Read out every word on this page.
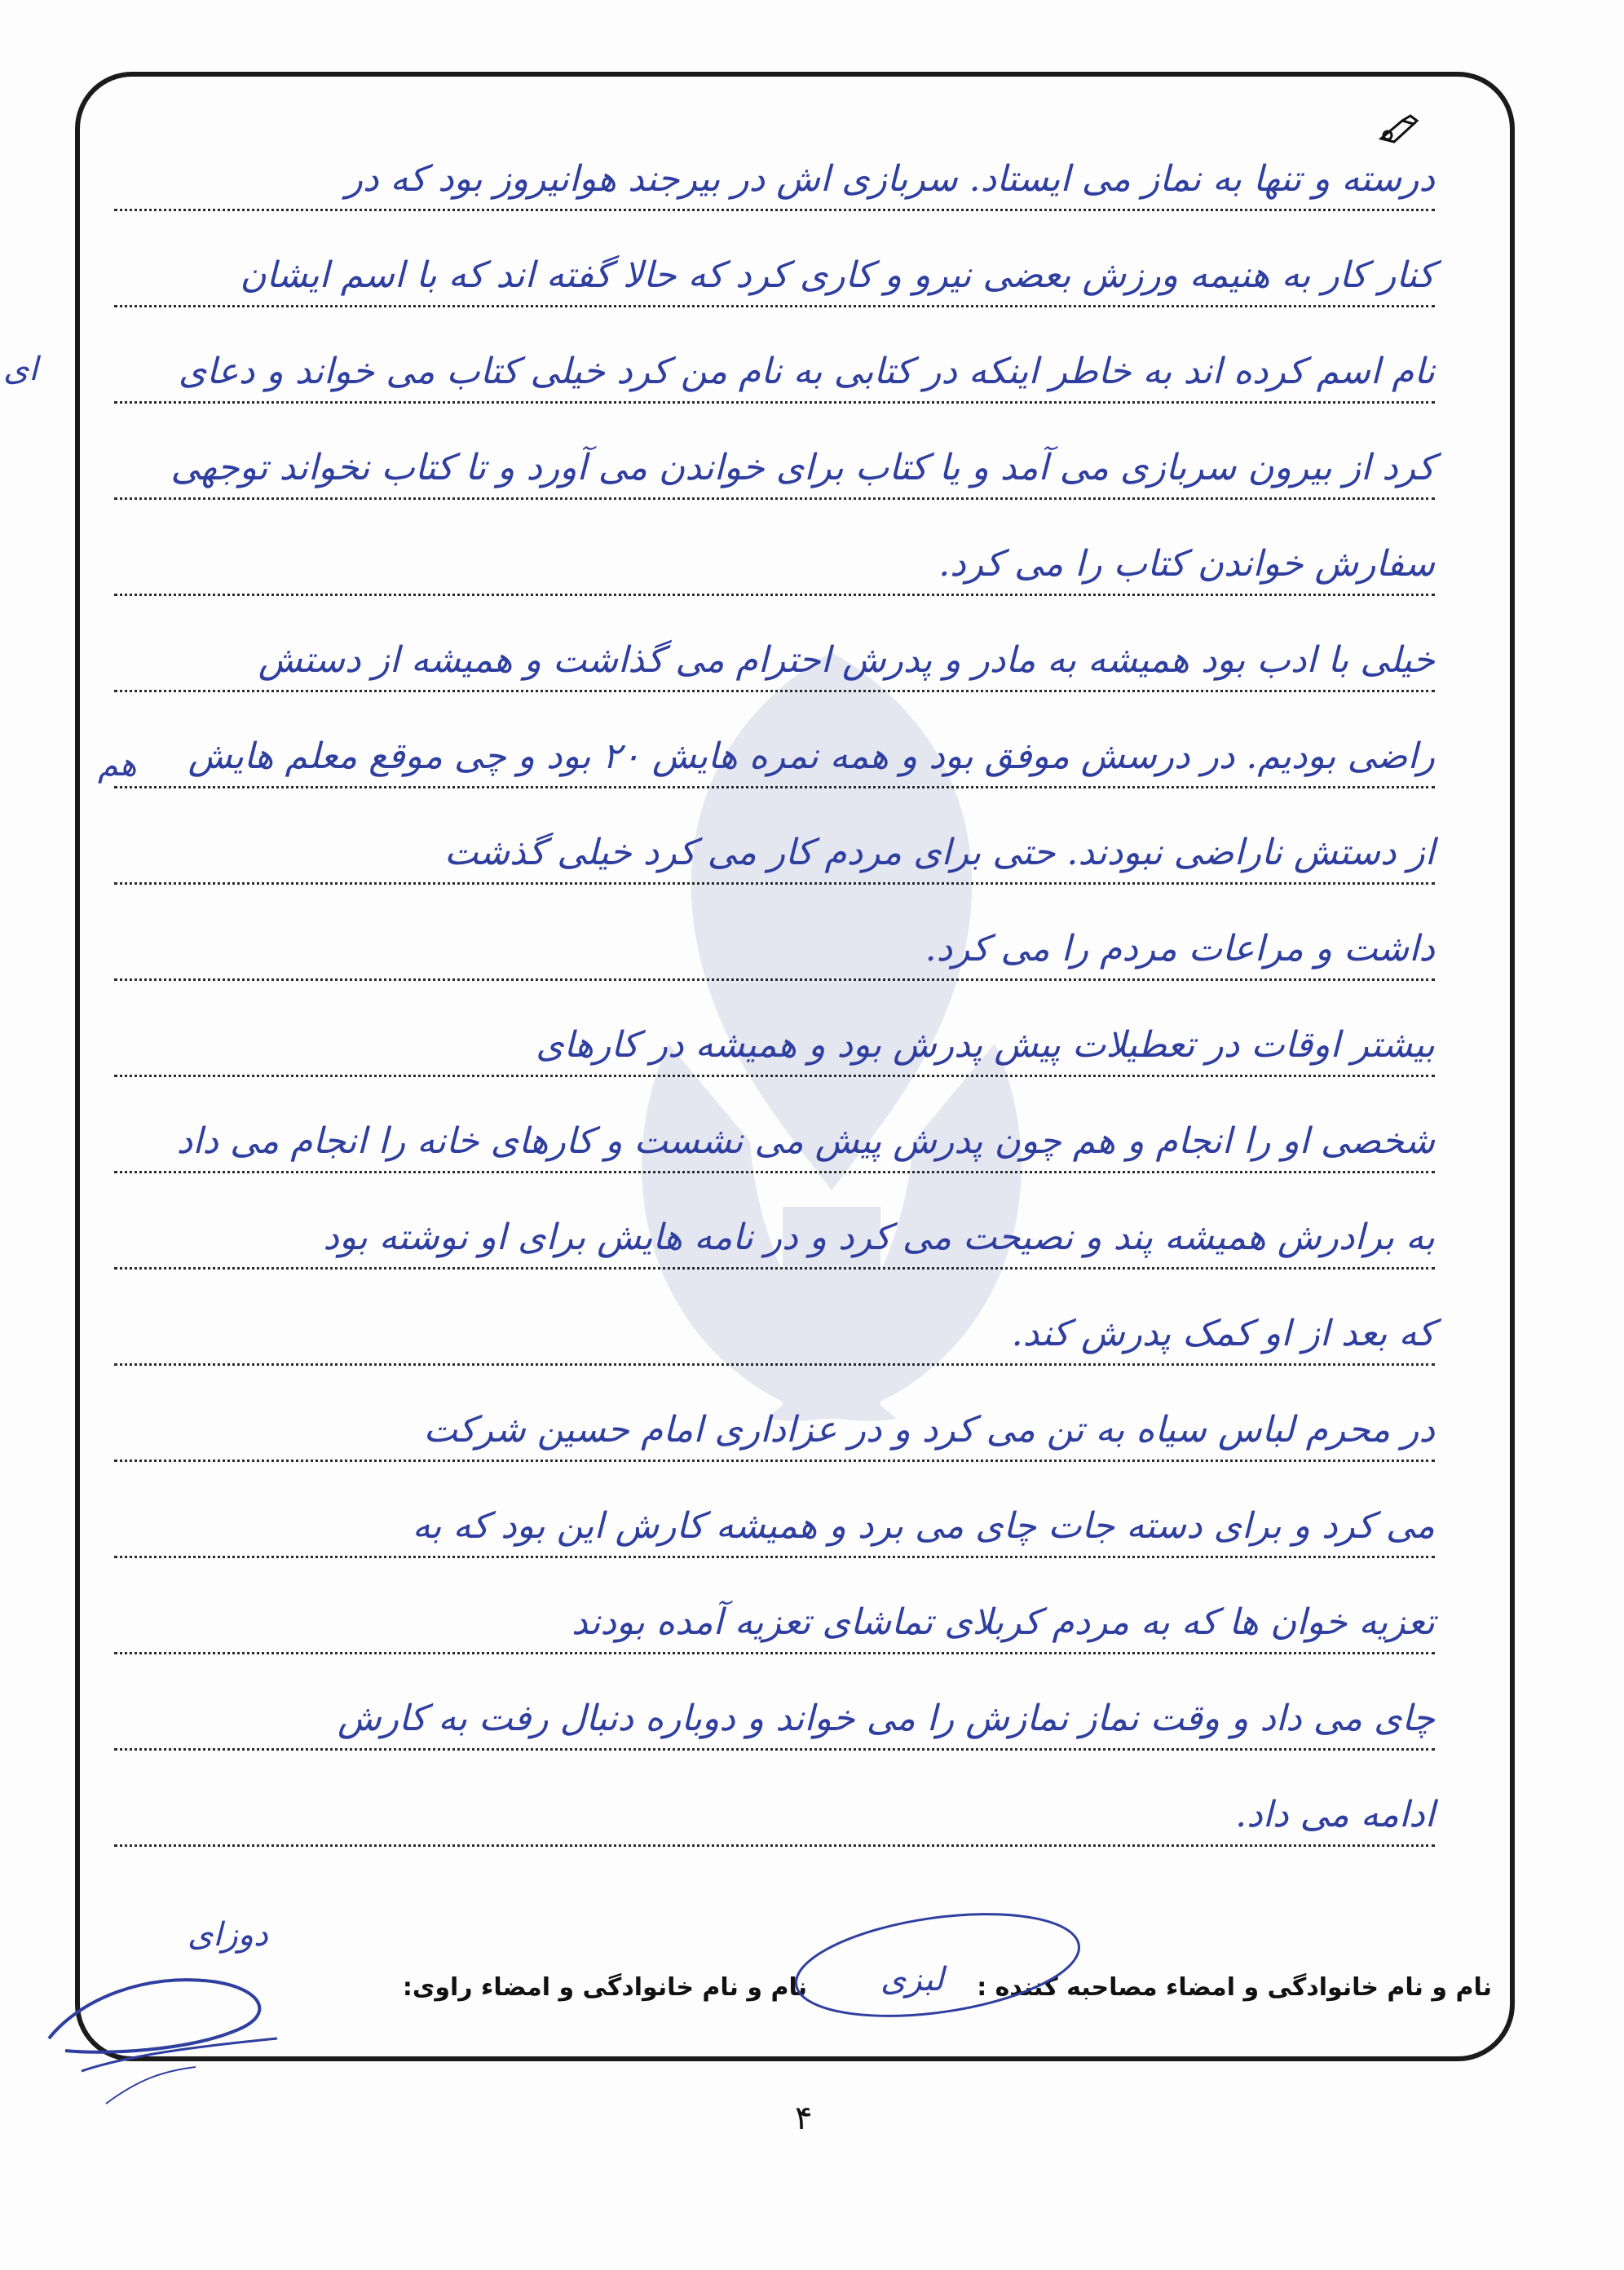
درسته و تنها به نماز می ایستاد. سربازی اش در بیرجند هوانیروز بود که در
کنار کار به هنیمه ورزش بعضی نیرو و کاری کرد که حالا گفته اند که با اسم ایشان
نام اسم کرده اند به خاطر اینکه در کتابی به نام من کرد خیلی کتاب می خواند و دعای
کرد از بیرون سربازی می آمد و یا کتاب برای خواندن می آورد و تا کتاب نخواند توجهی
سفارش خواندن کتاب را می کرد.
خیلی با ادب بود همیشه به مادر و پدرش احترام می گذاشت و همیشه از دستش
راضی بودیم. در درسش موفق بود و همه نمره هایش ۲۰ بود و چی موقع معلم هایش
از دستش ناراضی نبودند. حتی برای مردم کار می کرد خیلی گذشت
داشت و مراعات مردم را می کرد.
بیشتر اوقات در تعطیلات پیش پدرش بود و همیشه در کارهای
شخصی او را انجام و هم چون پدرش پیش می نشست و کارهای خانه را انجام می داد
به برادرش همیشه پند و نصیحت می کرد و در نامه هایش برای او نوشته بود
که بعد از او کمک پدرش کند.
در محرم لباس سیاه به تن می کرد و در عزاداری امام حسین شرکت
می کرد و برای دسته جات چای می برد و همیشه کارش این بود که به
تعزیه خوان ها که به مردم کربلای تماشای تعزیه آمده بودند
چای می داد و وقت نماز نمازش را می خواند و دوباره دنبال رفت به کارش
ادامه می داد.
ای
هم
نام و نام خانوادگی و امضاء مصاحبه کننده :
نام و نام خانوادگی و امضاء راوی: لبزی
دوزای
۴
